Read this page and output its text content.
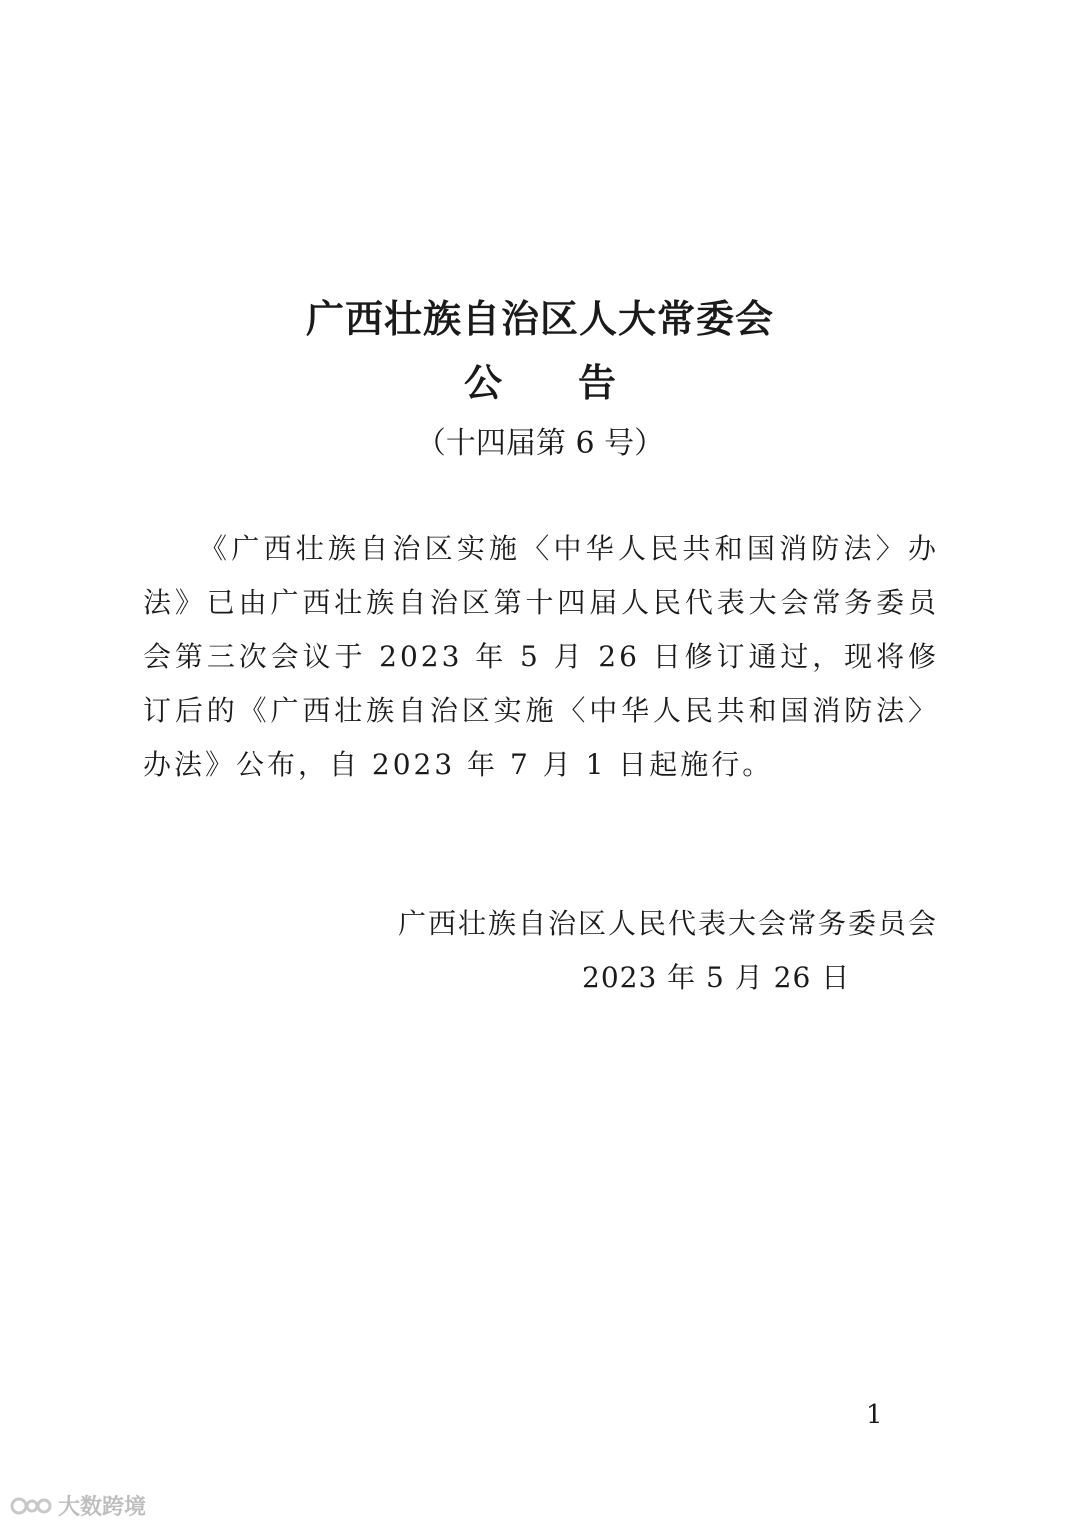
广西壮族自治区人大常委会
公 告
（十四届第 6 号）

《广西壮族自治区实施〈中华人民共和国消防法〉办法》已由广西壮族自治区第十四届人民代表大会常务委员会第三次会议于 2023 年 5 月 26 日修订通过，现将修订后的《广西壮族自治区实施〈中华人民共和国消防法〉办法》公布，自 2023 年 7 月 1 日起施行。

广西壮族自治区人民代表大会常务委员会
2023 年 5 月 26 日
1
大数跨境
